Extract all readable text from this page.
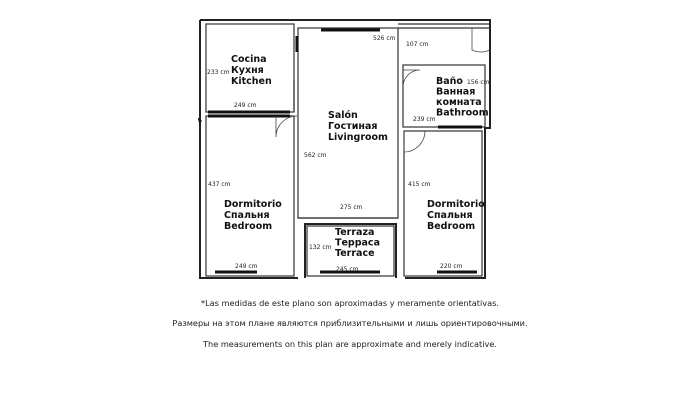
Cocina Кухня Kitchen
Salón Гостиная Livingroom
Baño Ванная комната Bathroom
Dormitorio Спальня Bedroom
Dormitorio Спальня Bedroom
Terraza Терраса Terrace
233 cm
249 cm
526 cm
562 cm
275 cm
107 cm
156 cm
239 cm
437 cm
249 cm
415 cm
220 cm
132 cm
245 cm
*Las medidas de este plano son aproximadas y meramente orientativas.
Размеры на этом плане являются приблизительными и лишь ориентировочными.
The measurements on this plan are approximate and merely indicative.
